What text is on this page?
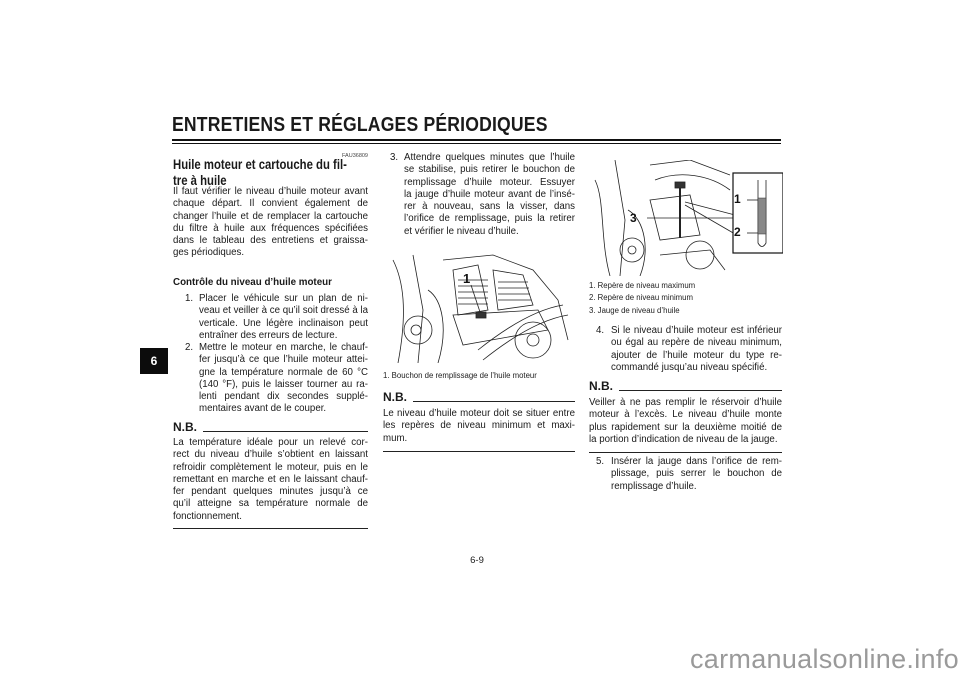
ENTRETIENS ET RÉGLAGES PÉRIODIQUES
6
FAU36809
Huile moteur et cartouche du fil-
tre à huile
Il faut vérifier le niveau d’huile moteur avant
chaque départ. Il convient également de
changer l’huile et de remplacer la cartouche
du filtre à huile aux fréquences spécifiées
dans le tableau des entretiens et graissa-
ges périodiques.
Contrôle du niveau d’huile moteur
1. Placer le véhicule sur un plan de ni-
veau et veiller à ce qu’il soit dressé à la
verticale. Une légère inclinaison peut
entraîner des erreurs de lecture.
2. Mettre le moteur en marche, le chauf-
fer jusqu’à ce que l’huile moteur attei-
gne la température normale de 60 °C
(140 °F), puis le laisser tourner au ra-
lenti pendant dix secondes supplé-
mentaires avant de le couper.
N.B.
La température idéale pour un relevé cor-
rect du niveau d’huile s’obtient en laissant
refroidir complètement le moteur, puis en le
remettant en marche et en le laissant chauf-
fer pendant quelques minutes jusqu’à ce
qu’il atteigne sa température normale de
fonctionnement.
3. Attendre quelques minutes que l’huile
se stabilise, puis retirer le bouchon de
remplissage d’huile moteur. Essuyer
la jauge d’huile moteur avant de l’insé-
rer à nouveau, sans la visser, dans
l’orifice de remplissage, puis la retirer
et vérifier le niveau d’huile.
1
1. Bouchon de remplissage de l’huile moteur
N.B.
Le niveau d’huile moteur doit se situer entre
les repères de niveau minimum et maxi-
mum.
1
2
3
1. Repère de niveau maximum
2. Repère de niveau minimum
3. Jauge de niveau d’huile
4. Si le niveau d’huile moteur est inférieur
ou égal au repère de niveau minimum,
ajouter de l’huile moteur du type re-
commandé jusqu’au niveau spécifié.
N.B.
Veiller à ne pas remplir le réservoir d’huile
moteur à l’excès. Le niveau d’huile monte
plus rapidement sur la deuxième moitié de
la portion d’indication de niveau de la jauge.
5. Insérer la jauge dans l’orifice de rem-
plissage, puis serrer le bouchon de
remplissage d’huile.
6-9
carmanualsonline.info
